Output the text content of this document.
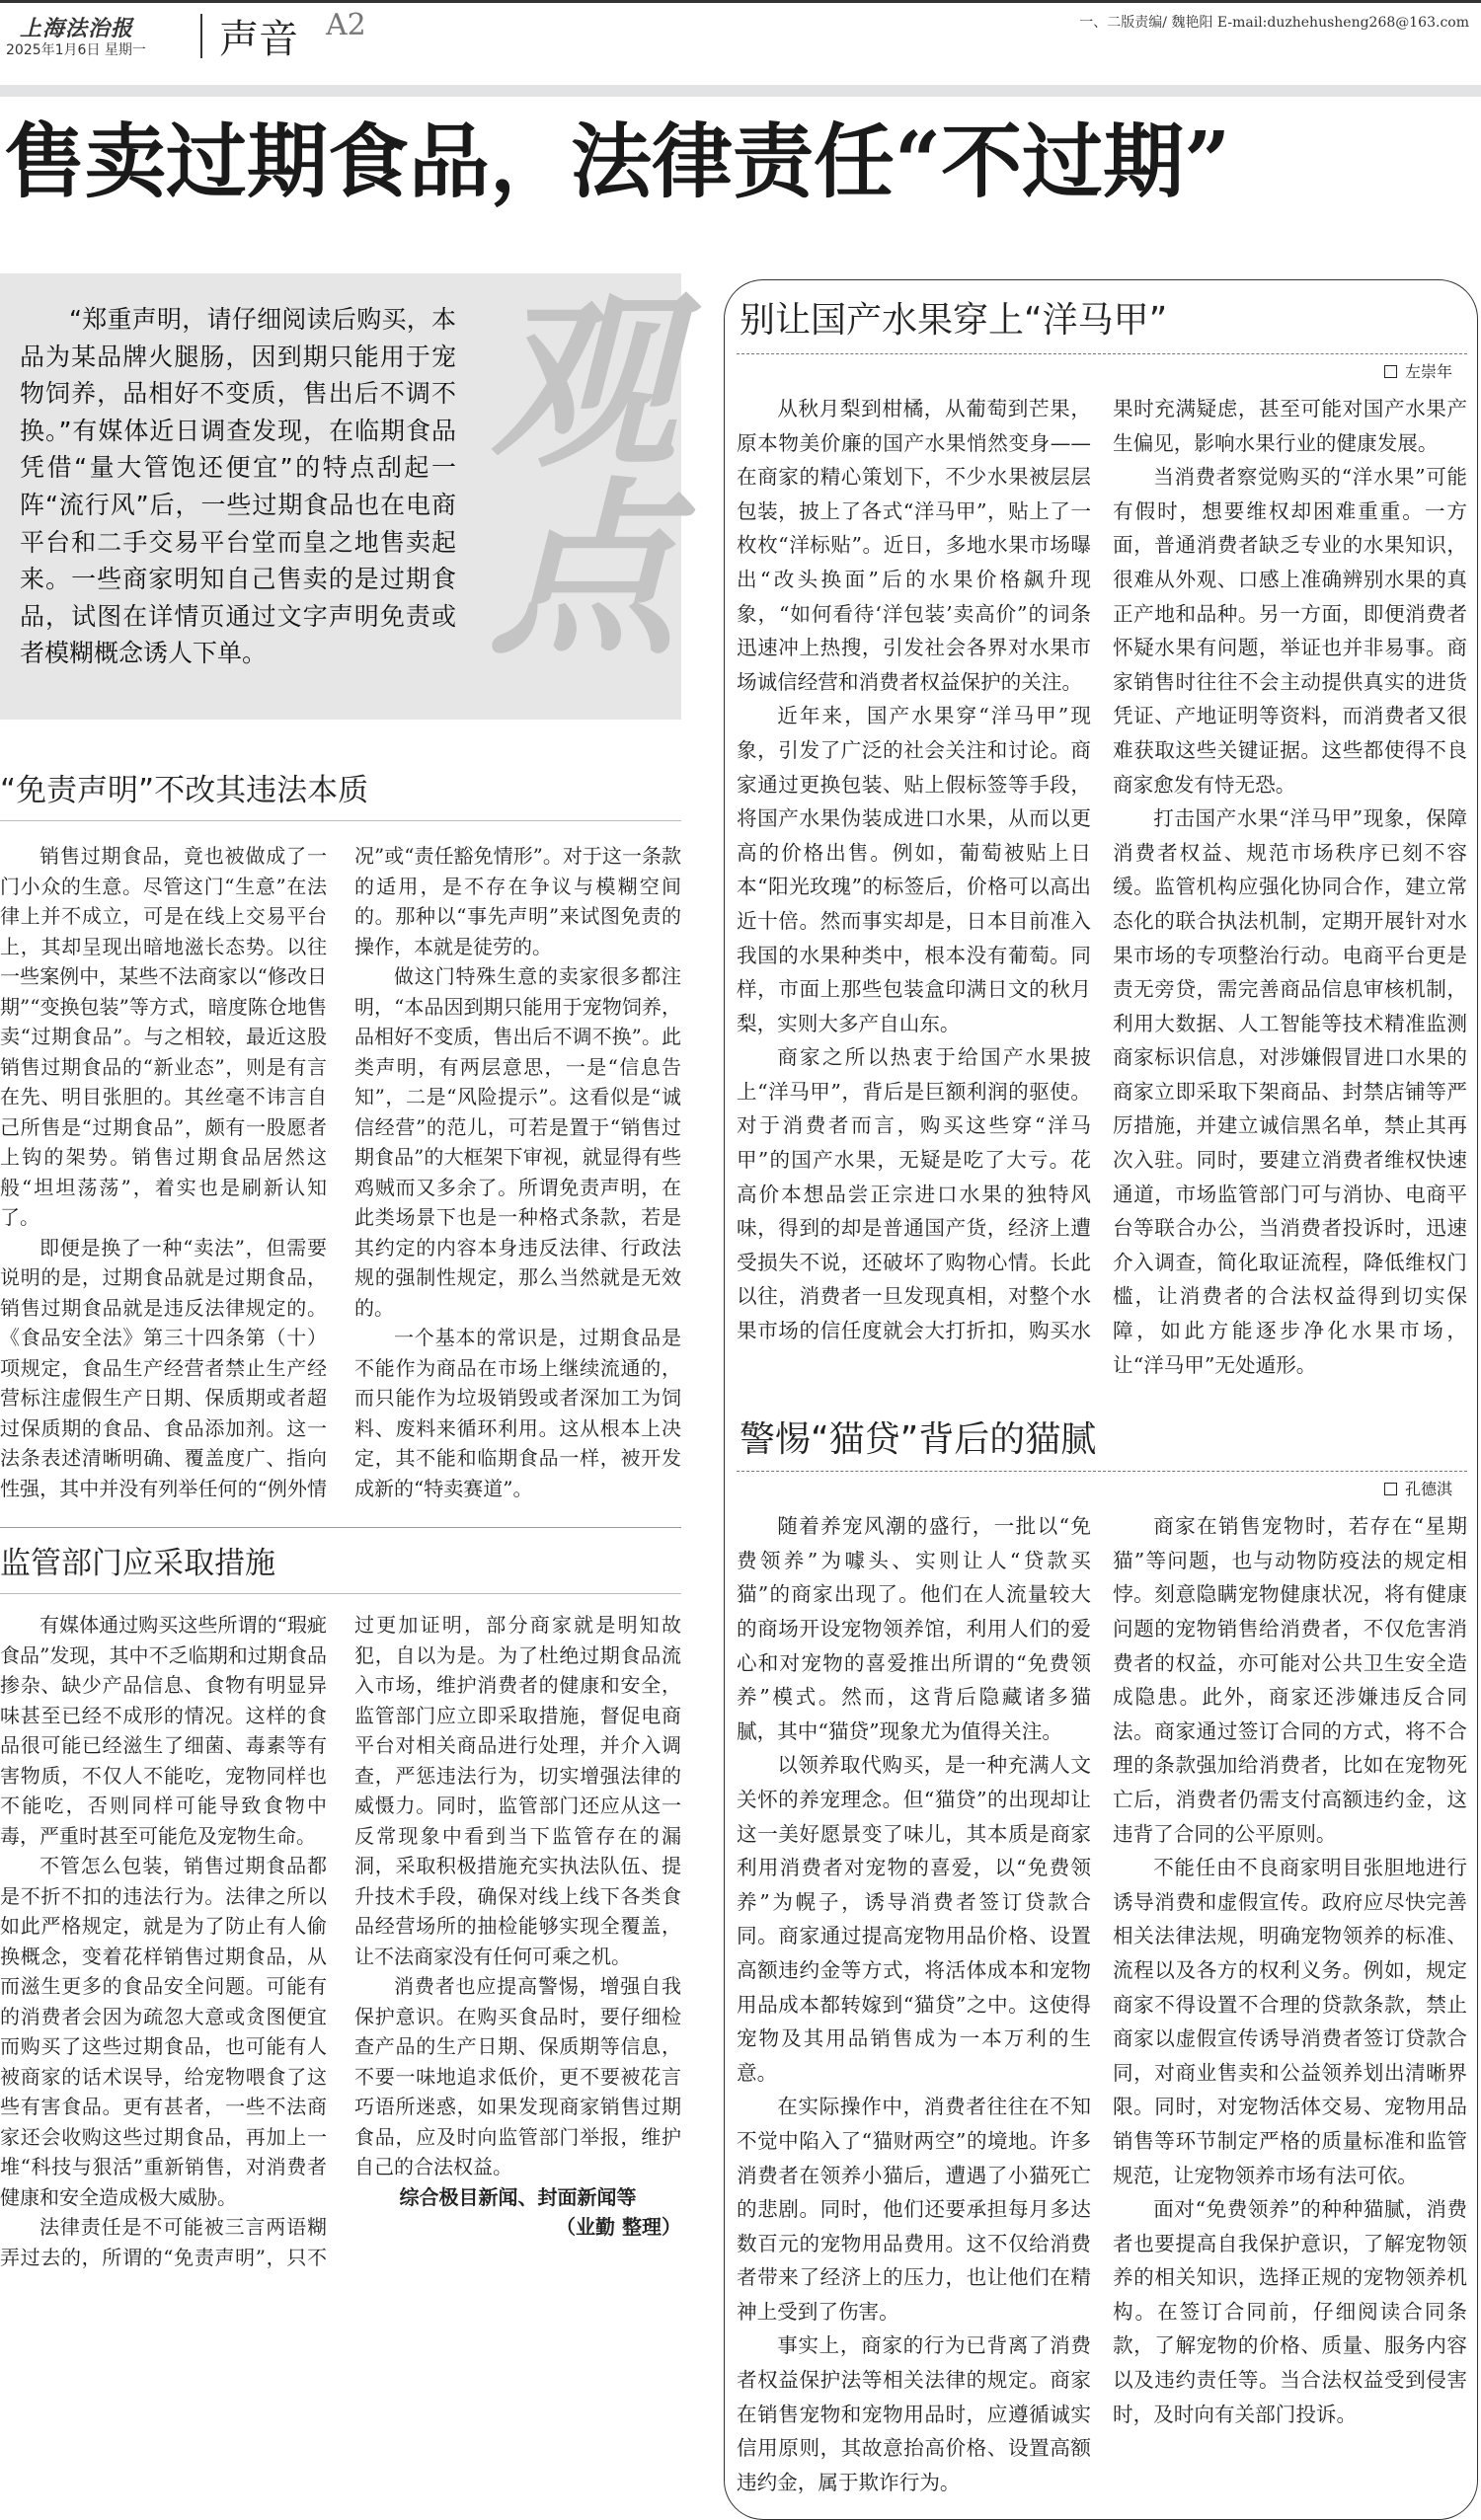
上海法治报
2025年1月6日 星期一 声音 A2	一、二版责编/ 魏艳阳 E-mail:duzhehusheng268@163.com
售卖过期食品，法律责任“不过期”

“郑重声明，请仔细阅读后购买，本品为某品牌火腿肠，因到期只能用于宠物饲养，品相好不变质，售出后不调不换。”有媒体近日调查发现，在临期食品凭借“量大管饱还便宜”的特点刮起一阵“流行风”后，一些过期食品也在电商平台和二手交易平台堂而皇之地售卖起来。一些商家明知自己售卖的是过期食品，试图在详情页通过文字声明免责或者模糊概念诱人下单。	观点
“免责声明”不改其违法本质

销售过期食品，竟也被做成了一门小众的生意。尽管这门“生意”在法律上并不成立，可是在线上交易平台上，其却呈现出暗地滋长态势。以往一些案例中，某些不法商家以“修改日期”“变换包装”等方式，暗度陈仓地售卖“过期食品”。与之相较，最近这股销售过期食品的“新业态”，则是有言在先、明目张胆的。其丝毫不讳言自己所售是“过期食品”，颇有一股愿者上钩的架势。销售过期食品居然这般“坦坦荡荡”，着实也是刷新认知了。

即便是换了一种“卖法”，但需要说明的是，过期食品就是过期食品，销售过期食品就是违反法律规定的。《食品安全法》第三十四条第（十）项规定，食品生产经营者禁止生产经营标注虚假生产日期、保质期或者超过保质期的食品、食品添加剂。这一法条表述清晰明确、覆盖度广、指向性强，其中并没有列举任何的“例外情况”或“责任豁免情形”。对于这一条款的适用，是不存在争议与模糊空间的。那种以“事先声明”来试图免责的操作，本就是徒劳的。

做这门特殊生意的卖家很多都注明，“本品因到期只能用于宠物饲养，品相好不变质，售出后不调不换”。此类声明，有两层意思，一是“信息告知”，二是“风险提示”。这看似是“诚信经营”的范儿，可若是置于“销售过期食品”的大框架下审视，就显得有些鸡贼而又多余了。所谓免责声明，在此类场景下也是一种格式条款，若是其约定的内容本身违反法律、行政法规的强制性规定，那么当然就是无效的。

一个基本的常识是，过期食品是不能作为商品在市场上继续流通的，而只能作为垃圾销毁或者深加工为饲料、废料来循环利用。这从根本上决定，其不能和临期食品一样，被开发成新的“特卖赛道”。

监管部门应采取措施

有媒体通过购买这些所谓的“瑕疵食品”发现，其中不乏临期和过期食品掺杂、缺少产品信息、食物有明显异味甚至已经不成形的情况。这样的食品很可能已经滋生了细菌、毒素等有害物质，不仅人不能吃，宠物同样也不能吃，否则同样可能导致食物中毒，严重时甚至可能危及宠物生命。

不管怎么包装，销售过期食品都是不折不扣的违法行为。法律之所以如此严格规定，就是为了防止有人偷换概念，变着花样销售过期食品，从而滋生更多的食品安全问题。可能有的消费者会因为疏忽大意或贪图便宜而购买了这些过期食品，也可能有人被商家的话术误导，给宠物喂食了这些有害食品。更有甚者，一些不法商家还会收购这些过期食品，再加上一堆“科技与狠活”重新销售，对消费者健康和安全造成极大威胁。

法律责任是不可能被三言两语糊弄过去的，所谓的“免责声明”，只不过更加证明，部分商家就是明知故犯，自以为是。为了杜绝过期食品流入市场，维护消费者的健康和安全，监管部门应立即采取措施，督促电商平台对相关商品进行处理，并介入调查，严惩违法行为，切实增强法律的威慑力。同时，监管部门还应从这一反常现象中看到当下监管存在的漏洞，采取积极措施充实执法队伍、提升技术手段，确保对线上线下各类食品经营场所的抽检能够实现全覆盖，让不法商家没有任何可乘之机。

消费者也应提高警惕，增强自我保护意识。在购买食品时，要仔细检查产品的生产日期、保质期等信息，不要一味地追求低价，更不要被花言巧语所迷惑，如果发现商家销售过期食品，应及时向监管部门举报，维护自己的合法权益。

综合极目新闻、封面新闻等

（业勤 整理）

别让国产水果穿上“洋马甲”
左崇年

从秋月梨到柑橘，从葡萄到芒果，原本物美价廉的国产水果悄然变身——在商家的精心策划下，不少水果被层层包装，披上了各式“洋马甲”，贴上了一枚枚“洋标贴”。近日，多地水果市场曝出“改头换面”后的水果价格飙升现象，“如何看待‘洋包装’卖高价”的词条迅速冲上热搜，引发社会各界对水果市场诚信经营和消费者权益保护的关注。

近年来，国产水果穿“洋马甲”现象，引发了广泛的社会关注和讨论。商家通过更换包装、贴上假标签等手段，将国产水果伪装成进口水果，从而以更高的价格出售。例如，葡萄被贴上日本“阳光玫瑰”的标签后，价格可以高出近十倍。然而事实却是，日本目前准入我国的水果种类中，根本没有葡萄。同样，市面上那些包装盒印满日文的秋月梨，实则大多产自山东。

商家之所以热衷于给国产水果披上“洋马甲”，背后是巨额利润的驱使。对于消费者而言，购买这些穿“洋马甲”的国产水果，无疑是吃了大亏。花高价本想品尝正宗进口水果的独特风味，得到的却是普通国产货，经济上遭受损失不说，还破坏了购物心情。长此以往，消费者一旦发现真相，对整个水果市场的信任度就会大打折扣，购买水果时充满疑虑，甚至可能对国产水果产生偏见，影响水果行业的健康发展。

当消费者察觉购买的“洋水果”可能有假时，想要维权却困难重重。一方面，普通消费者缺乏专业的水果知识，很难从外观、口感上准确辨别水果的真正产地和品种。另一方面，即便消费者怀疑水果有问题，举证也并非易事。商家销售时往往不会主动提供真实的进货凭证、产地证明等资料，而消费者又很难获取这些关键证据。这些都使得不良商家愈发有恃无恐。

打击国产水果“洋马甲”现象，保障消费者权益、规范市场秩序已刻不容缓。监管机构应强化协同合作，建立常态化的联合执法机制，定期开展针对水果市场的专项整治行动。电商平台更是责无旁贷，需完善商品信息审核机制，利用大数据、人工智能等技术精准监测商家标识信息，对涉嫌假冒进口水果的商家立即采取下架商品、封禁店铺等严厉措施，并建立诚信黑名单，禁止其再次入驻。同时，要建立消费者维权快速通道，市场监管部门可与消协、电商平台等联合办公，当消费者投诉时，迅速介入调查，简化取证流程，降低维权门槛，让消费者的合法权益得到切实保障，如此方能逐步净化水果市场，让“洋马甲”无处遁形。

警惕“猫贷”背后的猫腻
孔德淇

随着养宠风潮的盛行，一批以“免费领养”为噱头、实则让人“贷款买猫”的商家出现了。他们在人流量较大的商场开设宠物领养馆，利用人们的爱心和对宠物的喜爱推出所谓的“免费领养”模式。然而，这背后隐藏诸多猫腻，其中“猫贷”现象尤为值得关注。

以领养取代购买，是一种充满人文关怀的养宠理念。但“猫贷”的出现却让这一美好愿景变了味儿，其本质是商家利用消费者对宠物的喜爱，以“免费领养”为幌子，诱导消费者签订贷款合同。商家通过提高宠物用品价格、设置高额违约金等方式，将活体成本和宠物用品成本都转嫁到“猫贷”之中。这使得宠物及其用品销售成为一本万利的生意。

在实际操作中，消费者往往在不知不觉中陷入了“猫财两空”的境地。许多消费者在领养小猫后，遭遇了小猫死亡的悲剧。同时，他们还要承担每月多达数百元的宠物用品费用。这不仅给消费者带来了经济上的压力，也让他们在精神上受到了伤害。

事实上，商家的行为已背离了消费者权益保护法等相关法律的规定。商家在销售宠物和宠物用品时，应遵循诚实信用原则，其故意抬高价格、设置高额违约金，属于欺诈行为。

商家在销售宠物时，若存在“星期猫”等问题，也与动物防疫法的规定相悖。刻意隐瞒宠物健康状况，将有健康问题的宠物销售给消费者，不仅危害消费者的权益，亦可能对公共卫生安全造成隐患。此外，商家还涉嫌违反合同法。商家通过签订合同的方式，将不合理的条款强加给消费者，比如在宠物死亡后，消费者仍需支付高额违约金，这违背了合同的公平原则。

不能任由不良商家明目张胆地进行诱导消费和虚假宣传。政府应尽快完善相关法律法规，明确宠物领养的标准、流程以及各方的权利义务。例如，规定商家不得设置不合理的贷款条款，禁止商家以虚假宣传诱导消费者签订贷款合同，对商业售卖和公益领养划出清晰界限。同时，对宠物活体交易、宠物用品销售等环节制定严格的质量标准和监管规范，让宠物领养市场有法可依。

面对“免费领养”的种种猫腻，消费者也要提高自我保护意识，了解宠物领养的相关知识，选择正规的宠物领养机构。在签订合同前，仔细阅读合同条款，了解宠物的价格、质量、服务内容以及违约责任等。当合法权益受到侵害时，及时向有关部门投诉。
